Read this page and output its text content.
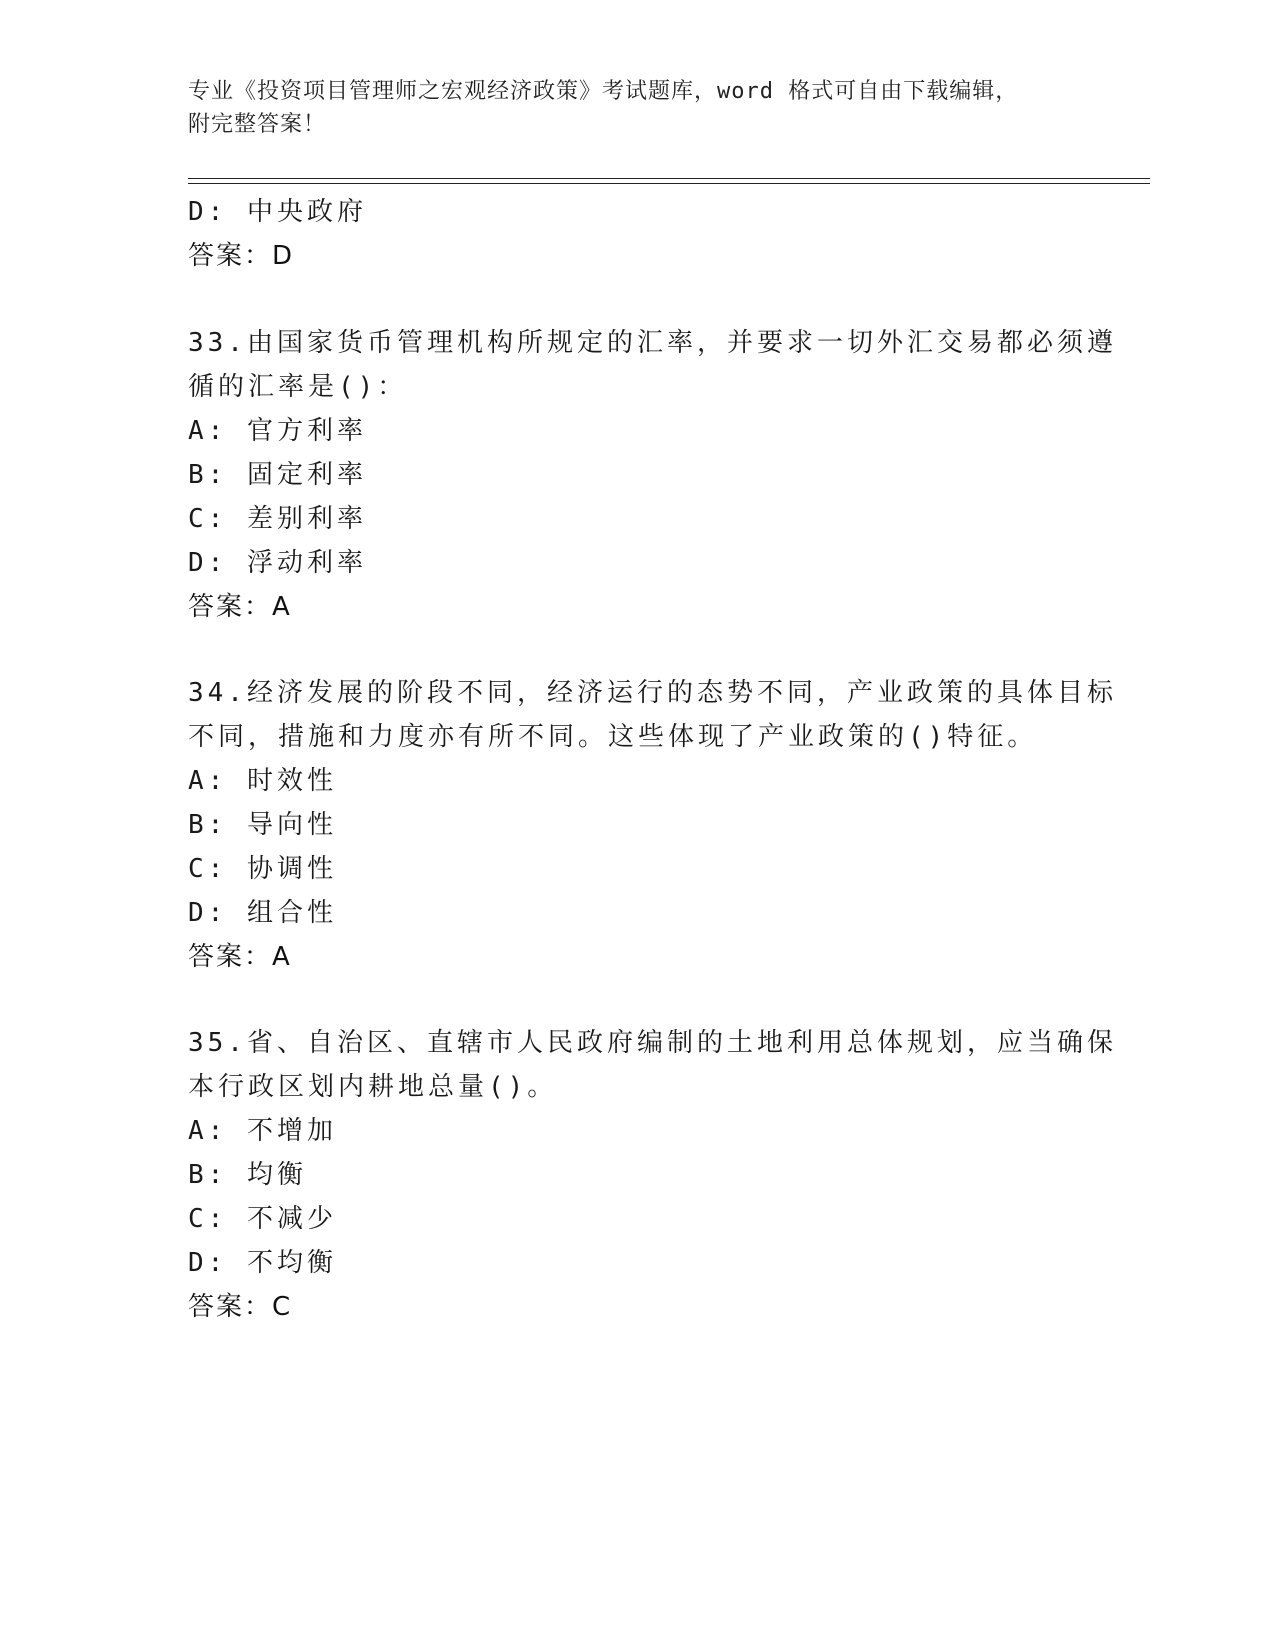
专业《投资项目管理师之宏观经济政策》考试题库，word 格式可自由下载编辑，
附完整答案！
D: 中央政府
答案：D
33.由国家货币管理机构所规定的汇率，并要求一切外汇交易都必须遵
循的汇率是()：
A: 官方利率
B: 固定利率
C: 差别利率
D: 浮动利率
答案：A
34.经济发展的阶段不同，经济运行的态势不同，产业政策的具体目标
不同，措施和力度亦有所不同。这些体现了产业政策的()特征。
A: 时效性
B: 导向性
C: 协调性
D: 组合性
答案：A
35.省、自治区、直辖市人民政府编制的土地利用总体规划，应当确保
本行政区划内耕地总量()。
A: 不增加
B: 均衡
C: 不减少
D: 不均衡
答案：C
